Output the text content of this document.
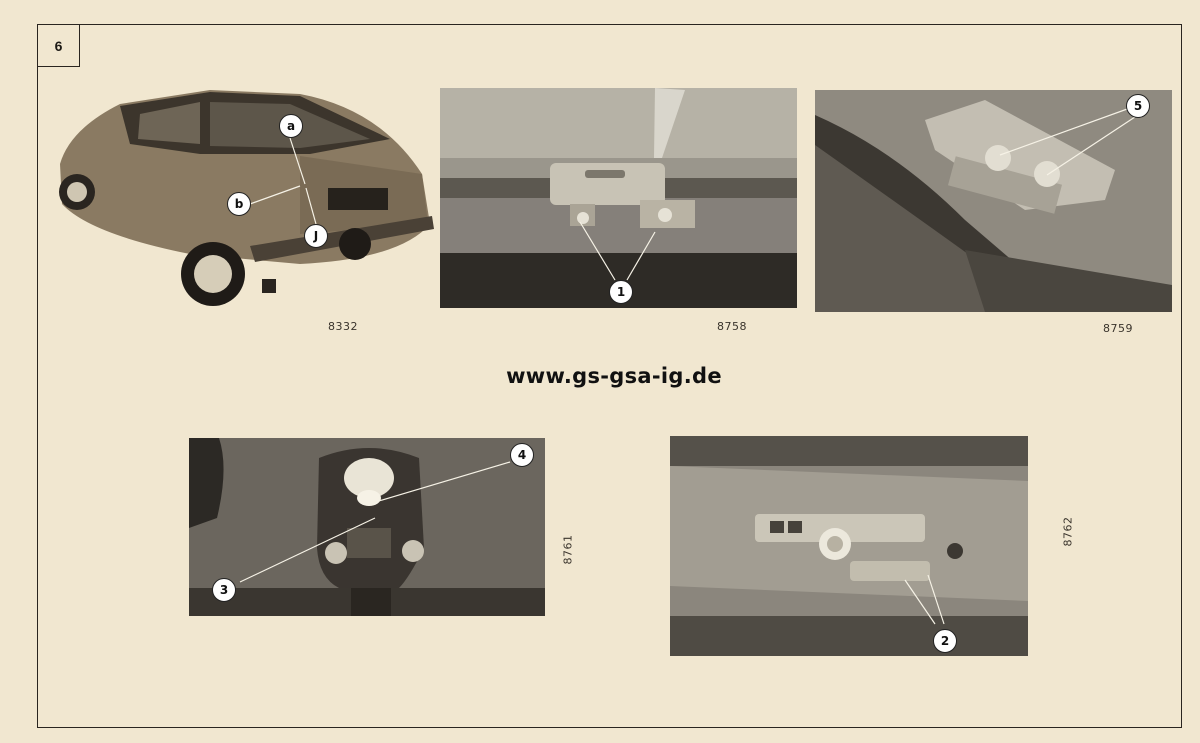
6
8332	8758	8759
www.gs-gsa-ig.de
8761
8762
a
b
J
1
5
4
3
2
